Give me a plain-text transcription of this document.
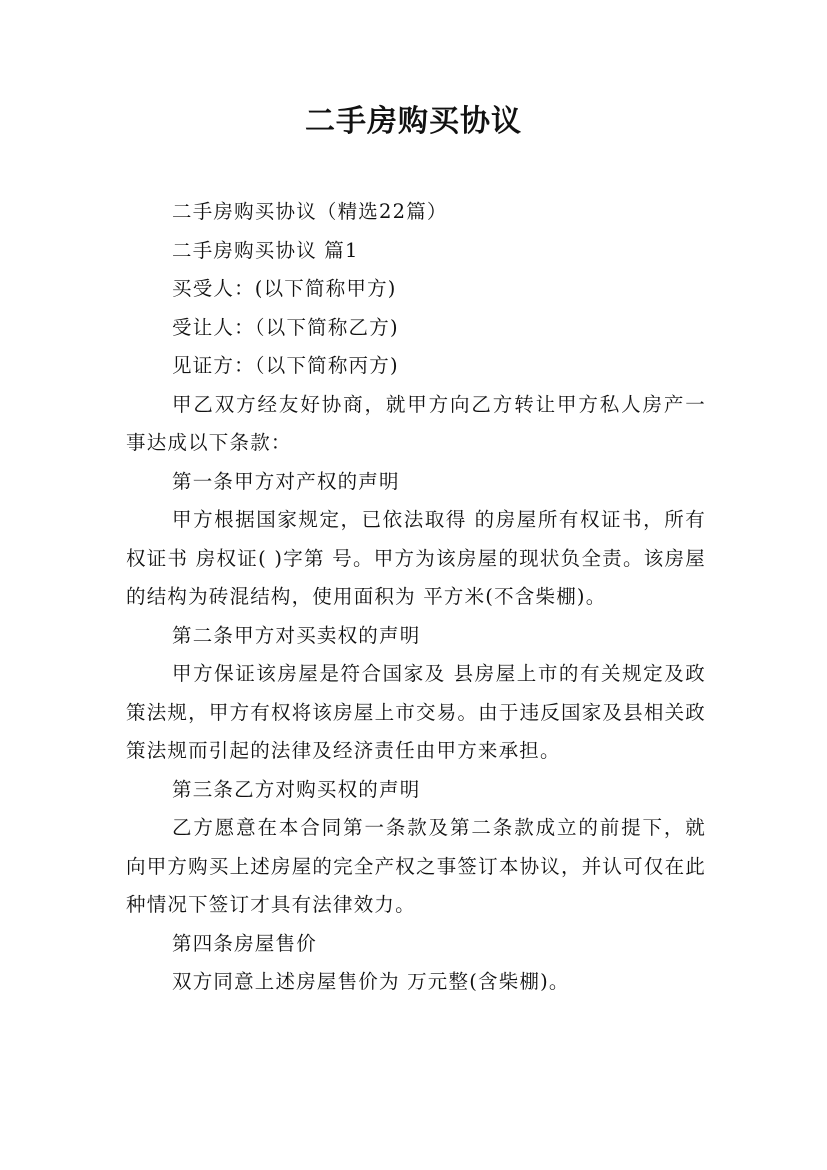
二手房购买协议

二手房购买协议（精选22篇）

二手房购买协议 篇1

买受人：(以下简称甲方)

受让人：（以下简称乙方)

见证方：（以下简称丙方)

甲乙双方经友好协商，就甲方向乙方转让甲方私人房产一事达成以下条款：

第一条甲方对产权的声明

甲方根据国家规定，已依法取得 的房屋所有权证书，所有权证书 房权证( )字第 号。甲方为该房屋的现状负全责。该房屋的结构为砖混结构，使用面积为 平方米(不含柴棚)。

第二条甲方对买卖权的声明

甲方保证该房屋是符合国家及 县房屋上市的有关规定及政策法规，甲方有权将该房屋上市交易。由于违反国家及县相关政策法规而引起的法律及经济责任由甲方来承担。

第三条乙方对购买权的声明

乙方愿意在本合同第一条款及第二条款成立的前提下，就向甲方购买上述房屋的完全产权之事签订本协议，并认可仅在此种情况下签订才具有法律效力。

第四条房屋售价

双方同意上述房屋售价为 万元整(含柴棚)。
